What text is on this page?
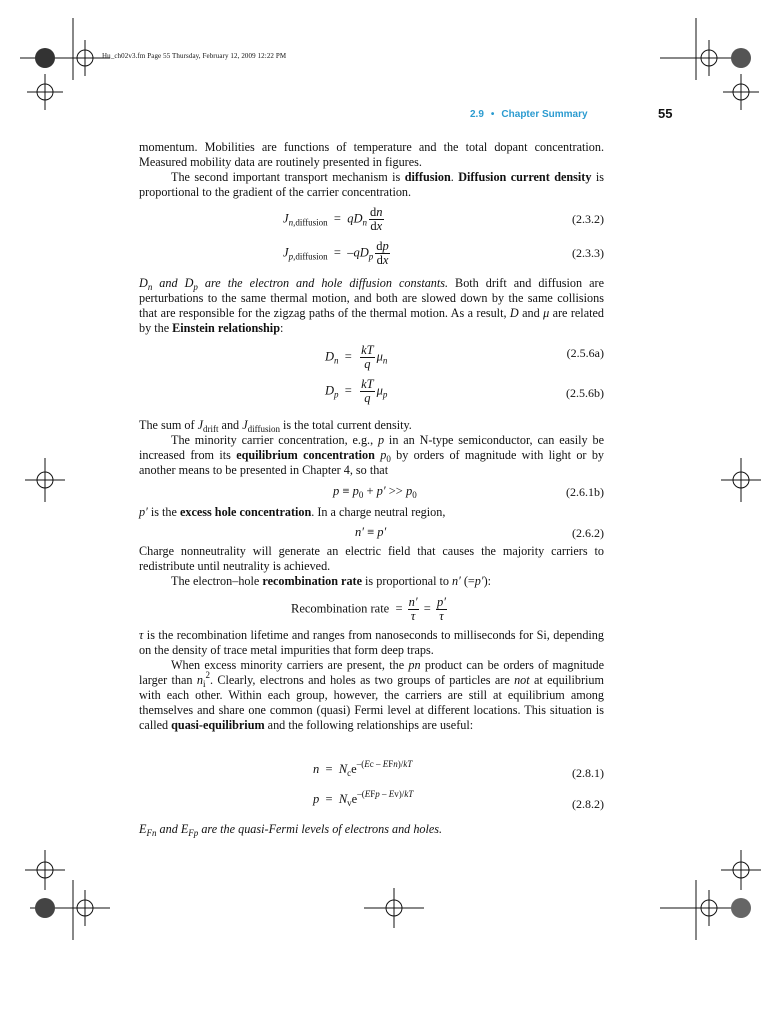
Hu_ch02v3.fm Page 55 Thursday, February 12, 2009 12:22 PM
2.9 • Chapter Summary	55

momentum. Mobilities are functions of temperature and the total dopant concentration. Measured mobility data are routinely presented in figures.

The second important transport mechanism is diffusion. Diffusion current density is proportional to the gradient of the carrier concentration.

$J_{n,diffusion} = qD_n \frac{dn}{dx}$	(2.3.2)
$J_{p,diffusion} = -qD_p \frac{dp}{dx}$	(2.3.3)

$D_n$ and $D_p$ are the electron and hole diffusion constants. Both drift and diffusion are perturbations to the same thermal motion, and both are slowed down by the same collisions that are responsible for the zigzag paths of the thermal motion. As a result, D and μ are related by the Einstein relationship:

$D_n = \frac{kT}{q} \mu_n$
(2.5.6a)
$D_p = \frac{kT}{q} \mu_p$	(2.5.6b)

The sum of $J_{drift}$ and $J_{diffusion}$ is the total current density.

The minority carrier concentration, e.g., p in an N-type semiconductor, can easily be increased from its equilibrium concentration $p_0$ by orders of magnitude with light or by another means to be presented in Chapter 4, so that

$p \equiv p_0 + p' >> p_0$	(2.6.1b)

p′ is the excess hole concentration. In a charge neutral region,

n′ ≡ p′	(2.6.2)

Charge nonneutrality will generate an electric field that causes the majority carriers to redistribute until neutrality is achieved.

The electron–hole recombination rate is proportional to n′ (=p′):

Recombination rate  = $\frac{n'}{\tau} = \frac{p'}{\tau}$

τ is the recombination lifetime and ranges from nanoseconds to milliseconds for Si, depending on the density of trace metal impurities that form deep traps.

When excess minority carriers are present, the pn product can be orders of magnitude larger than $n_i^2$. Clearly, electrons and holes as two groups of particles are not at equilibrium with each other. Within each group, however, the carriers are still at equilibrium among themselves and share one common (quasi) Fermi level at different locations. This situation is called quasi-equilibrium and the following relationships are useful:

$n = N_ce^{-(Ec - EFn)/kT}$
(2.8.1)
$p = N_ve^{-(EFp - Ev)/kT}$
(2.8.2)

$E_{Fn}$ and $E_{Fp}$ are the quasi-Fermi levels of electrons and holes.
